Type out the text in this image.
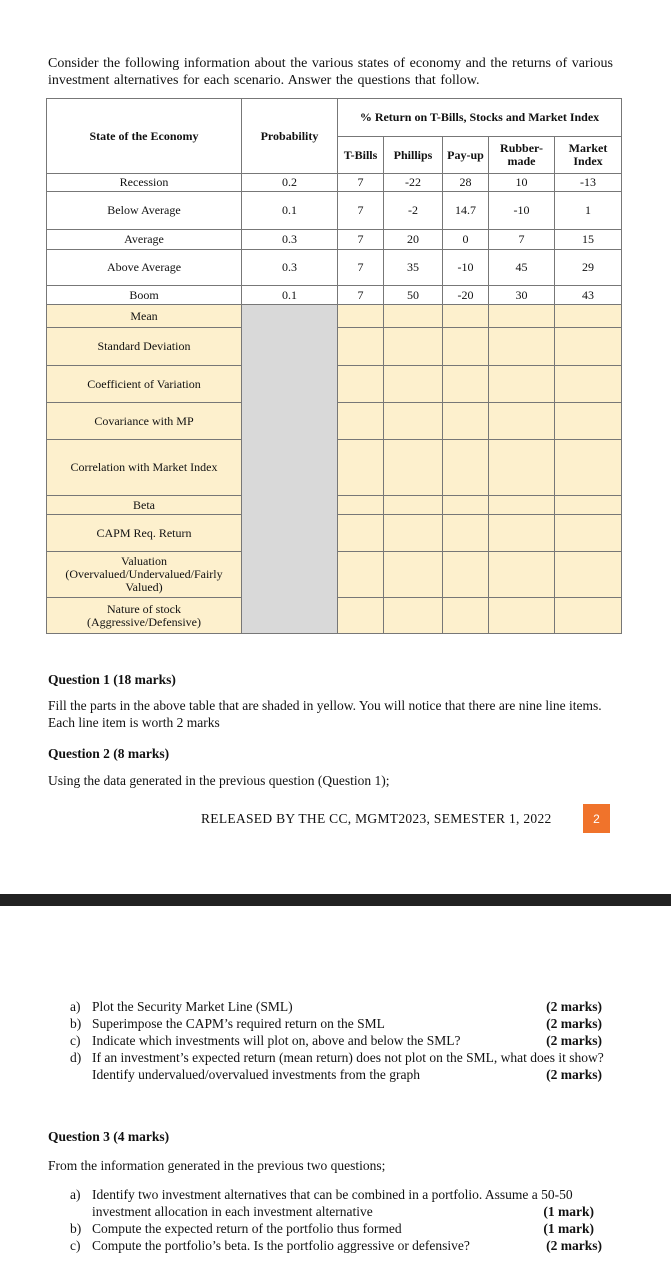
Consider the following information about the various states of economy and the returns of various investment alternatives for each scenario. Answer the questions that follow.
State of the Economy	Probability	% Return on T-Bills, Stocks and Market Index				
		T-Bills	Phillips	Pay-up	Rubber-made	Market Index
Recession	0.2	7	-22	28	10	-13
Below Average	0.1	7	-2	14.7	-10	1
Average	0.3	7	20	0	7	15
Above Average	0.3	7	35	-10	45	29
Boom	0.1	7	50	-20	30	43
Mean						
Standard Deviation						
Coefficient of Variation						
Covariance with MP						
Correlation with Market Index						
Beta						
CAPM Req. Return						
Valuation (Overvalued/Undervalued/Fairly Valued)						
Nature of stock (Aggressive/Defensive)						
Question 1 (18 marks)
Fill the parts in the above table that are shaded in yellow. You will notice that there are nine line items. Each line item is worth 2 marks
Question 2 (8 marks)
Using the data generated in the previous question (Question 1);
RELEASED BY THE CC, MGMT2023, SEMESTER 1, 2022	2
a) Plot the Security Market Line (SML)	(2 marks)
b) Superimpose the CAPM’s required return on the SML	(2 marks)
c) Indicate which investments will plot on, above and below the SML?	(2 marks)
d) If an investment’s expected return (mean return) does not plot on the SML, what does it show? Identify undervalued/overvalued investments from the graph	(2 marks)
Question 3 (4 marks)
From the information generated in the previous two questions;
a) Identify two investment alternatives that can be combined in a portfolio. Assume a 50-50 investment allocation in each investment alternative	(1 mark)
b) Compute the expected return of the portfolio thus formed	(1 mark)
c) Compute the portfolio’s beta. Is the portfolio aggressive or defensive?	(2 marks)
